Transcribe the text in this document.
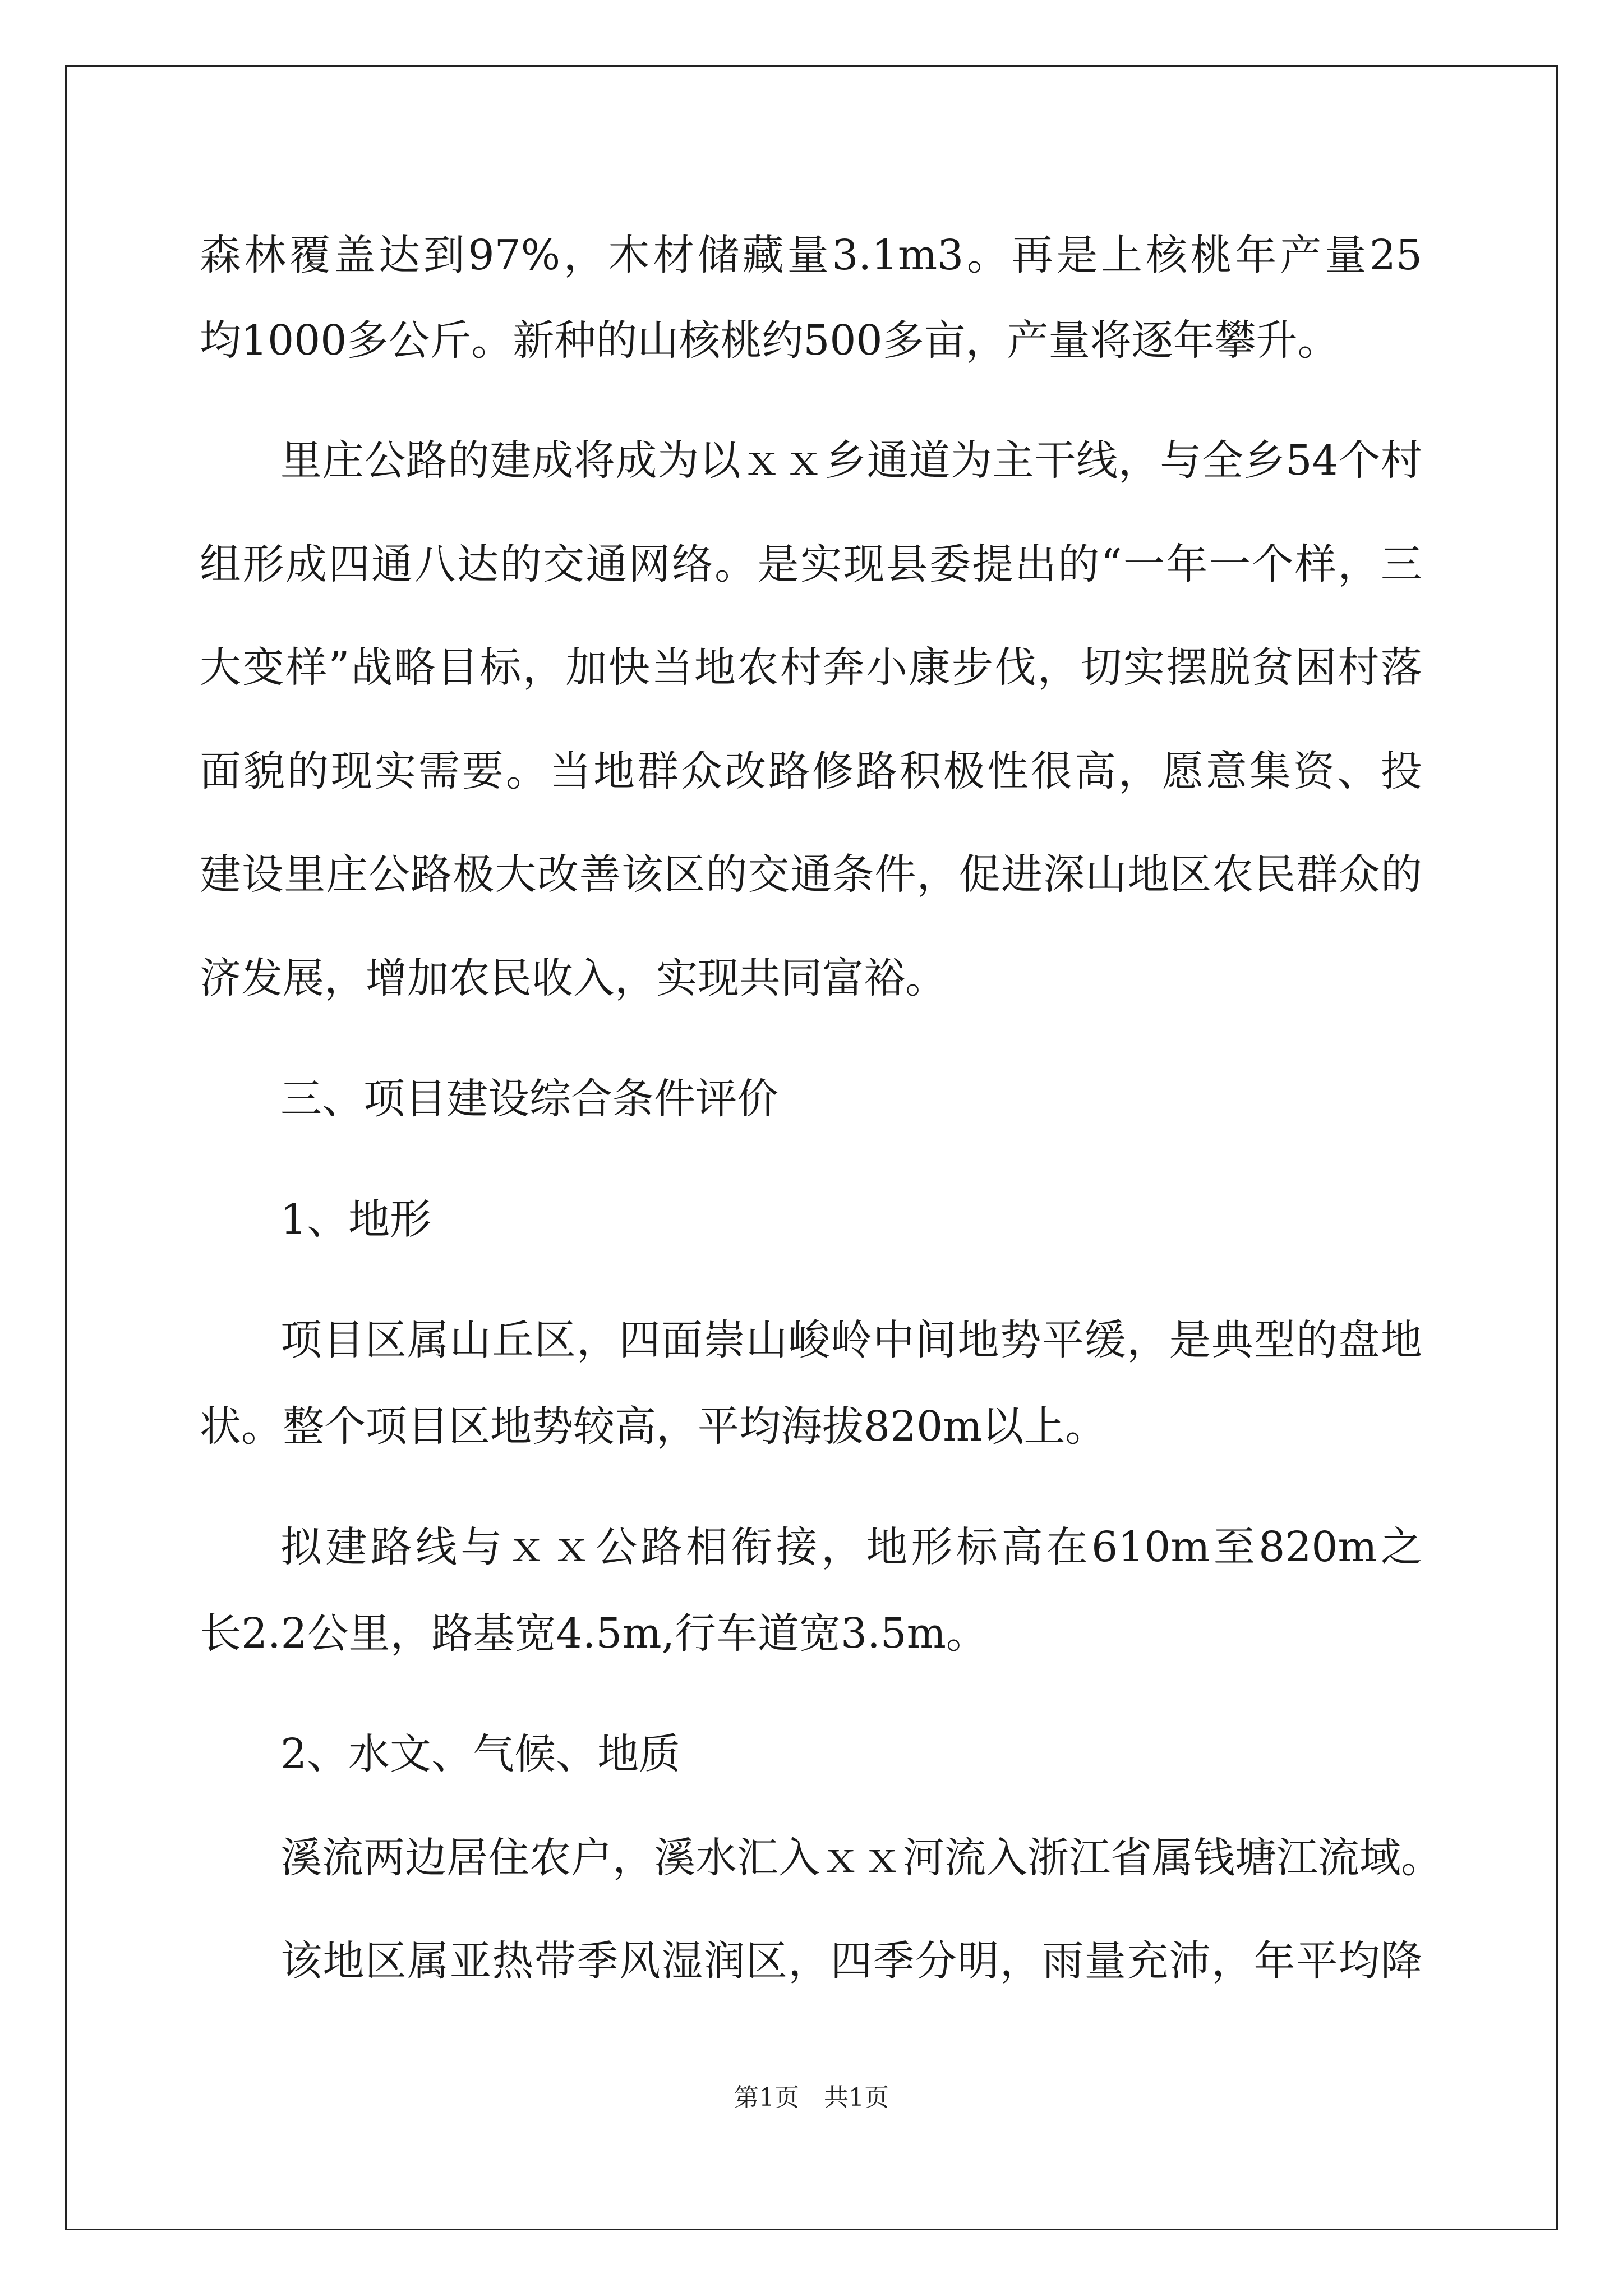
森林覆盖达到97%，木材储藏量3.1m3。再是上核桃年产量25
均1000多公斤。新种的山核桃约500多亩，产量将逐年攀升。
里庄公路的建成将成为以ｘｘ乡通道为主干线，与全乡54个村
组形成四通八达的交通网络。是实现县委提出的“一年一个样，三
大变样”战略目标，加快当地农村奔小康步伐，切实摆脱贫困村落
面貌的现实需要。当地群众改路修路积极性很高，愿意集资、投
建设里庄公路极大改善该区的交通条件，促进深山地区农民群众的
济发展，增加农民收入，实现共同富裕。
三、项目建设综合条件评价
1、地形
项目区属山丘区，四面崇山峻岭中间地势平缓，是典型的盘地
状。整个项目区地势较高，平均海拔820m以上。
拟建路线与ｘｘ公路相衔接，地形标高在610m至820m之
长2.2公里，路基宽4.5m,行车道宽3.5m。
2、水文、气候、地质
溪流两边居住农户，溪水汇入ｘｘ河流入浙江省属钱塘江流域。
该地区属亚热带季风湿润区，四季分明，雨量充沛，年平均降
第1页　共1页
